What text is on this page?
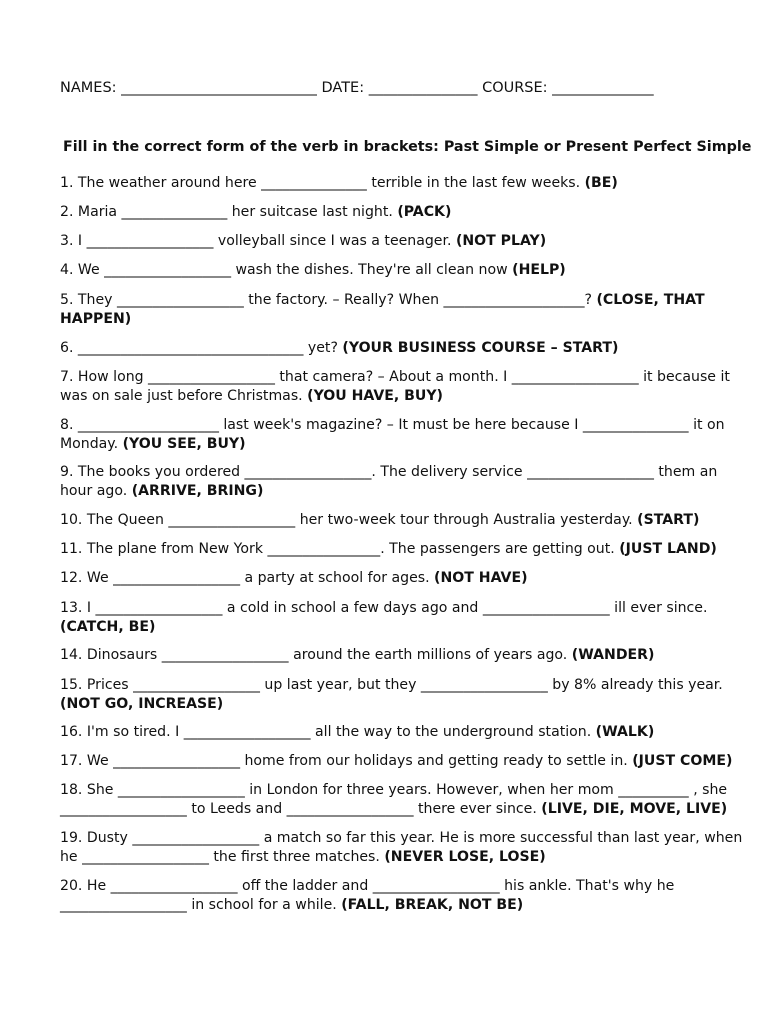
NAMES: ___________________________ DATE: _______________ COURSE: ______________
Fill in the correct form of the verb in brackets: Past Simple or Present Perfect Simple
1. The weather around here _______________ terrible in the last few weeks. (BE)
2. Maria _______________ her suitcase last night. (PACK)
3. I __________________ volleyball since I was a teenager. (NOT PLAY)
4. We __________________ wash the dishes. They're all clean now (HELP)
5. They __________________ the factory. – Really? When ____________________? (CLOSE, THAT HAPPEN)
6. ________________________________ yet? (YOUR BUSINESS COURSE – START)
7. How long __________________ that camera? – About a month. I __________________ it because it was on sale just before Christmas. (YOU HAVE, BUY)
8. ____________________ last week's magazine? – It must be here because I _______________ it on Monday. (YOU SEE, BUY)
9. The books you ordered __________________. The delivery service __________________ them an hour ago. (ARRIVE, BRING)
10. The Queen __________________ her two-week tour through Australia yesterday. (START)
11. The plane from New York ________________. The passengers are getting out. (JUST LAND)
12. We __________________ a party at school for ages. (NOT HAVE)
13. I __________________ a cold in school a few days ago and __________________ ill ever since. (CATCH, BE)
14. Dinosaurs __________________ around the earth millions of years ago. (WANDER)
15. Prices __________________ up last year, but they __________________ by 8% already this year. (NOT GO, INCREASE)
16. I'm so tired. I __________________ all the way to the underground station. (WALK)
17. We __________________ home from our holidays and getting ready to settle in. (JUST COME)
18. She __________________ in London for three years. However, when her mom __________ , she __________________ to Leeds and __________________ there ever since. (LIVE, DIE, MOVE, LIVE)
19. Dusty __________________ a match so far this year. He is more successful than last year, when he __________________ the first three matches. (NEVER LOSE, LOSE)
20. He __________________ off the ladder and __________________ his ankle. That's why he __________________ in school for a while. (FALL, BREAK, NOT BE)
